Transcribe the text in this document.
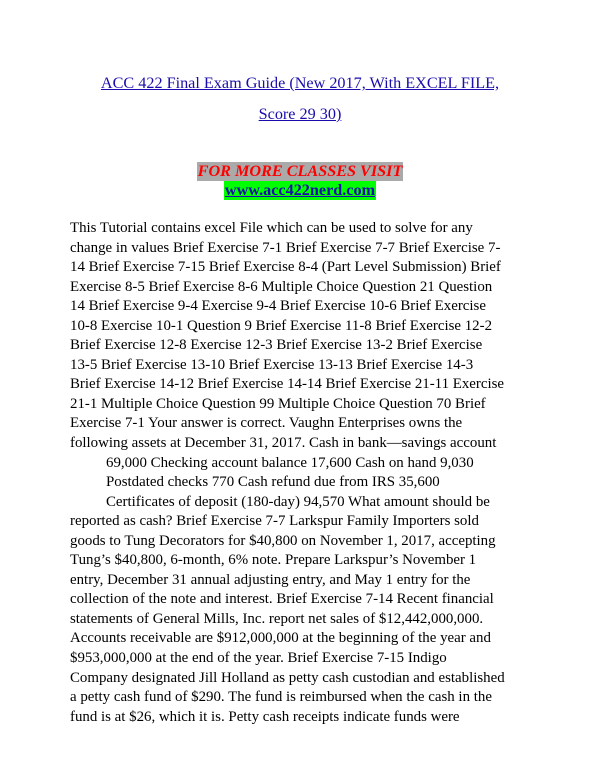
ACC 422 Final Exam Guide (New 2017, With EXCEL FILE,
Score 29 30)
FOR MORE CLASSES VISIT
www.acc422nerd.com
This Tutorial contains excel File which can be used to solve for any
change in values Brief Exercise 7-1 Brief Exercise 7-7 Brief Exercise 7-
14 Brief Exercise 7-15 Brief Exercise 8-4 (Part Level Submission) Brief
Exercise 8-5 Brief Exercise 8-6 Multiple Choice Question 21 Question
14 Brief Exercise 9-4 Exercise 9-4 Brief Exercise 10-6 Brief Exercise
10-8 Exercise 10-1 Question 9 Brief Exercise 11-8 Brief Exercise 12-2
Brief Exercise 12-8 Exercise 12-3 Brief Exercise 13-2 Brief Exercise
13-5 Brief Exercise 13-10 Brief Exercise 13-13 Brief Exercise 14-3
Brief Exercise 14-12 Brief Exercise 14-14 Brief Exercise 21-11 Exercise
21-1 Multiple Choice Question 99 Multiple Choice Question 70 Brief
Exercise 7-1 Your answer is correct. Vaughn Enterprises owns the
following assets at December 31, 2017. Cash in bank—savings account
69,000 Checking account balance 17,600 Cash on hand 9,030
Postdated checks 770 Cash refund due from IRS 35,600
Certificates of deposit (180-day) 94,570 What amount should be
reported as cash? Brief Exercise 7-7 Larkspur Family Importers sold
goods to Tung Decorators for $40,800 on November 1, 2017, accepting
Tung’s $40,800, 6-month, 6% note. Prepare Larkspur’s November 1
entry, December 31 annual adjusting entry, and May 1 entry for the
collection of the note and interest. Brief Exercise 7-14 Recent financial
statements of General Mills, Inc. report net sales of $12,442,000,000.
Accounts receivable are $912,000,000 at the beginning of the year and
$953,000,000 at the end of the year. Brief Exercise 7-15 Indigo
Company designated Jill Holland as petty cash custodian and established
a petty cash fund of $290. The fund is reimbursed when the cash in the
fund is at $26, which it is. Petty cash receipts indicate funds were
